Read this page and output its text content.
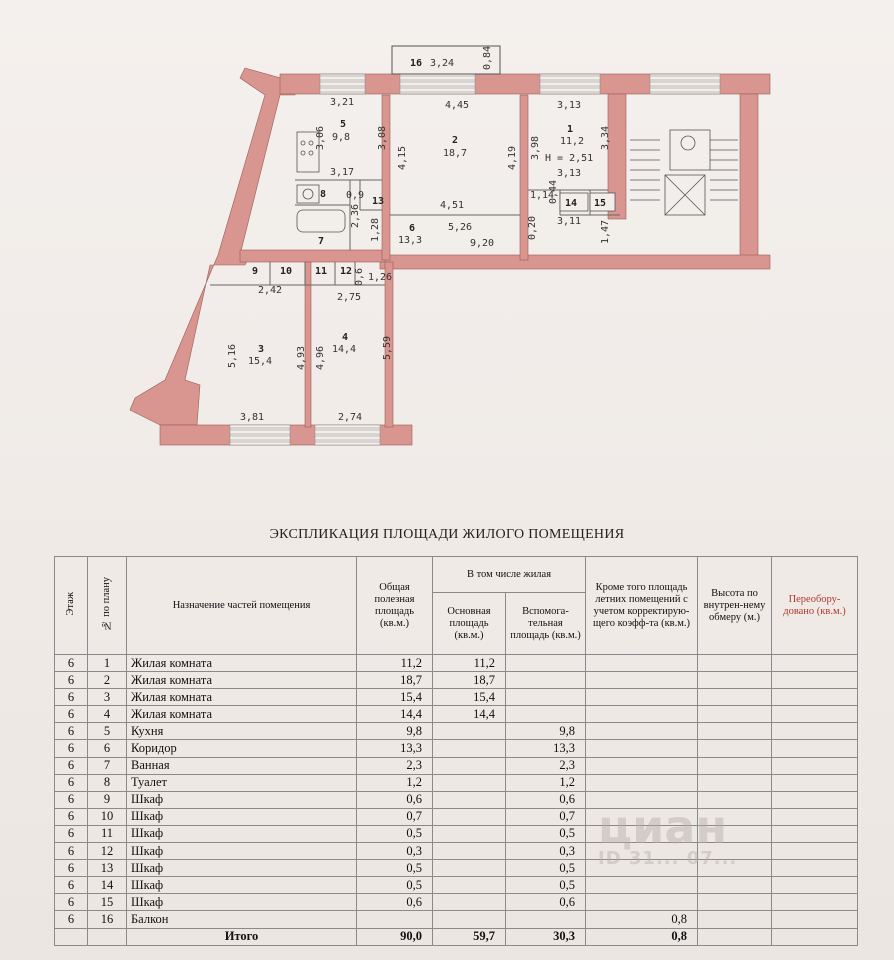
1
11,2
2
18,7
3
15,4
4
14,4
5
9,8
6
13,3
7
8
9 10 11 12
13	14 15
16
H = 2,51
3,24	0,84
3,21	4,45	3,13
3,06	3,08
4,15	4,19 3,98	3,34
3,17	3,13
0,9
4,51
1,14
0,44
2,36
1,28	5,26	0,20 3,11 1,47
9,20
0,6 1,26
2,42
2,75
5,16	4,93 4,96	5,59
3,81	2,74
ЭКСПЛИКАЦИЯ ПЛОЩАДИ ЖИЛОГО ПОМЕЩЕНИЯ
Этаж	№ по плану	Назначение частей помещения	Общая полезная площадь (кв.м.)	В том числе жилая		Кроме того площадь летних помещений с учетом корректирую-щего коэфф-та (кв.м.)	Высота по внутрен-нему обмеру (м.)	Переобору-довано (кв.м.)
				Основная площадь (кв.м.)	Вспомога-тельная площадь (кв.м.)			
6	1	Жилая комната	11,2	11,2				
6	2	Жилая комната	18,7	18,7				
6	3	Жилая комната	15,4	15,4				
6	4	Жилая комната	14,4	14,4				
6	5	Кухня	9,8		9,8			
6	6	Коридор	13,3		13,3			
6	7	Ванная	2,3		2,3			
6	8	Туалет	1,2		1,2			
6	9	Шкаф	0,6		0,6			
6	10	Шкаф	0,7		0,7			
6	11	Шкаф	0,5		0,5			
6	12	Шкаф	0,3		0,3			
6	13	Шкаф	0,5		0,5			
6	14	Шкаф	0,5		0,5			
6	15	Шкаф	0,6		0,6			
6	16	Балкон				0,8		
		Итого	90,0	59,7	30,3	0,8		
циан
ID 31... 07...
